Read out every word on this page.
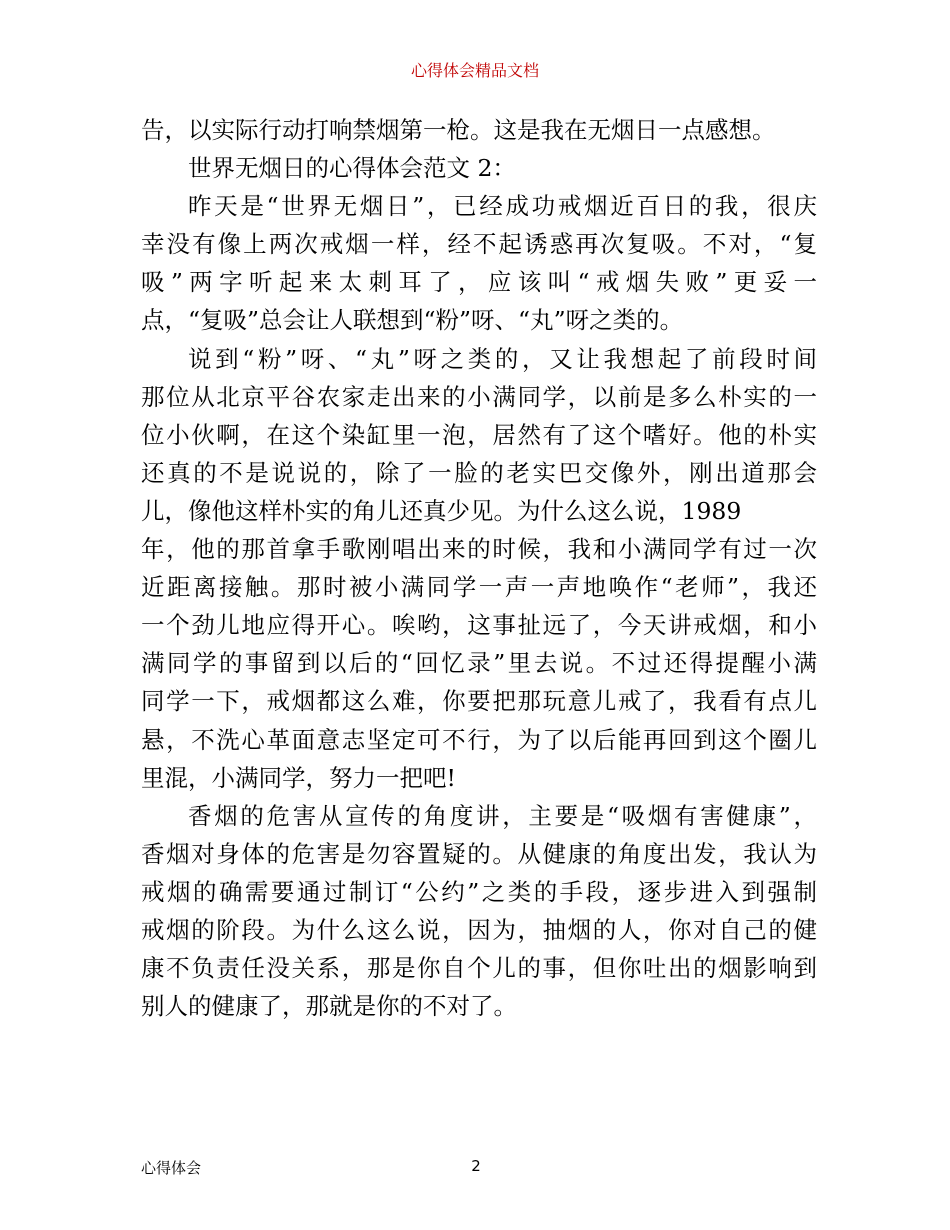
心得体会精品文档
告，以实际行动打响禁烟第一枪。这是我在无烟日一点感想。
世界无烟日的心得体会范文 2：
昨天是“世界无烟日”，已经成功戒烟近百日的我，很庆
幸没有像上两次戒烟一样，经不起诱惑再次复吸。不对，“复
吸”两字听起来太刺耳了，应该叫“戒烟失败”更妥一
点，“复吸”总会让人联想到“粉”呀、“丸”呀之类的。
说到“粉”呀、“丸”呀之类的，又让我想起了前段时间
那位从北京平谷农家走出来的小满同学，以前是多么朴实的一
位小伙啊，在这个染缸里一泡，居然有了这个嗜好。他的朴实
还真的不是说说的，除了一脸的老实巴交像外，刚出道那会
儿，像他这样朴实的角儿还真少见。为什么这么说，1989
年，他的那首拿手歌刚唱出来的时候，我和小满同学有过一次
近距离接触。那时被小满同学一声一声地唤作“老师”，我还
一个劲儿地应得开心。唉哟，这事扯远了，今天讲戒烟，和小
满同学的事留到以后的“回忆录”里去说。不过还得提醒小满
同学一下，戒烟都这么难，你要把那玩意儿戒了，我看有点儿
悬，不洗心革面意志坚定可不行，为了以后能再回到这个圈儿
里混，小满同学，努力一把吧!
香烟的危害从宣传的角度讲，主要是“吸烟有害健康”，
香烟对身体的危害是勿容置疑的。从健康的角度出发，我认为
戒烟的确需要通过制订“公约”之类的手段，逐步进入到强制
戒烟的阶段。为什么这么说，因为，抽烟的人，你对自己的健
康不负责任没关系，那是你自个儿的事，但你吐出的烟影响到
别人的健康了，那就是你的不对了。
心得体会	2
